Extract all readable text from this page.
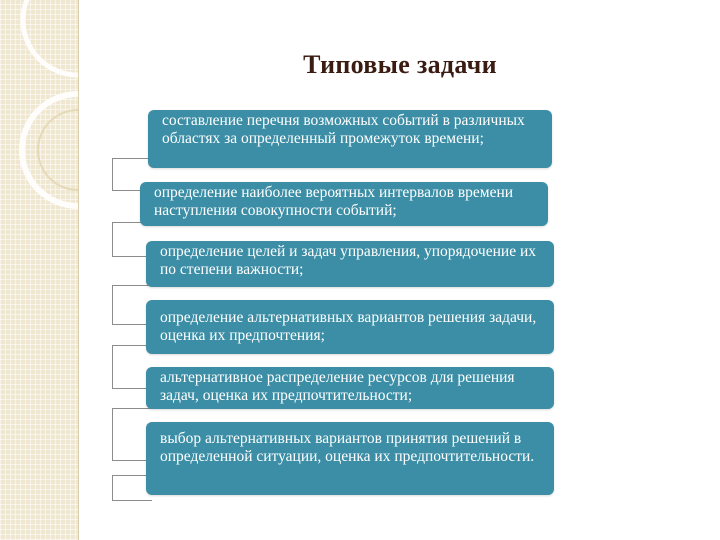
Типовые задачи
составление перечня возможных событий в различных областях за определенный промежуток времени;
определение наиболее вероятных интервалов времени наступления совокупности событий;
определение целей и задач управления, упорядочение их по степени важности;
определение альтернативных вариантов решения задачи, оценка их предпочтения;
альтернативное распределение ресурсов для решения задач, оценка их предпочтительности;
выбор альтернативных вариантов принятия решений в определенной ситуации, оценка их предпочтительности.
